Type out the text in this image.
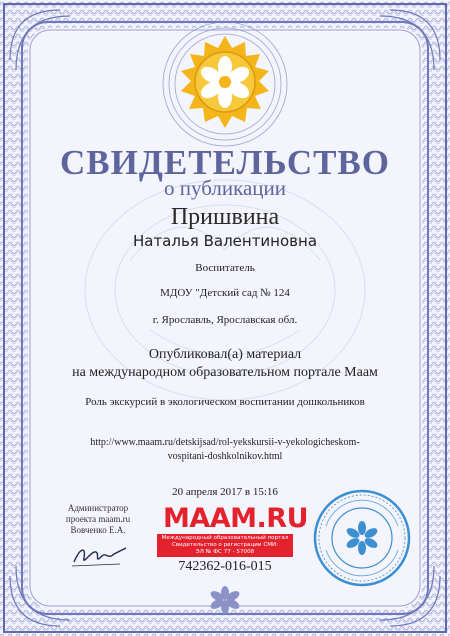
СВИДЕТЕЛЬСТВО
о публикации
Пришвина
Наталья Валентиновна
Воспитатель
МДОУ "Детский сад № 124
г. Ярославль, Ярославская обл.
Опубликовал(а) материал
на международном образовательном портале Маам
Роль экскурсий в экологическом воспитании дошкольников
http://www.maam.ru/detskijsad/rol-yekskursii-v-yekologicheskom-
vospitani-doshkolnikov.html
20 апреля 2017 в 15:16
Администратор
проекта maam.ru
Вовченко Е.А.	MAAM.RU
Международный образовательный портал
Свидетельство о регистрации СМИ:
ЭЛ № ФС 77 - 57008
742362-016-015
